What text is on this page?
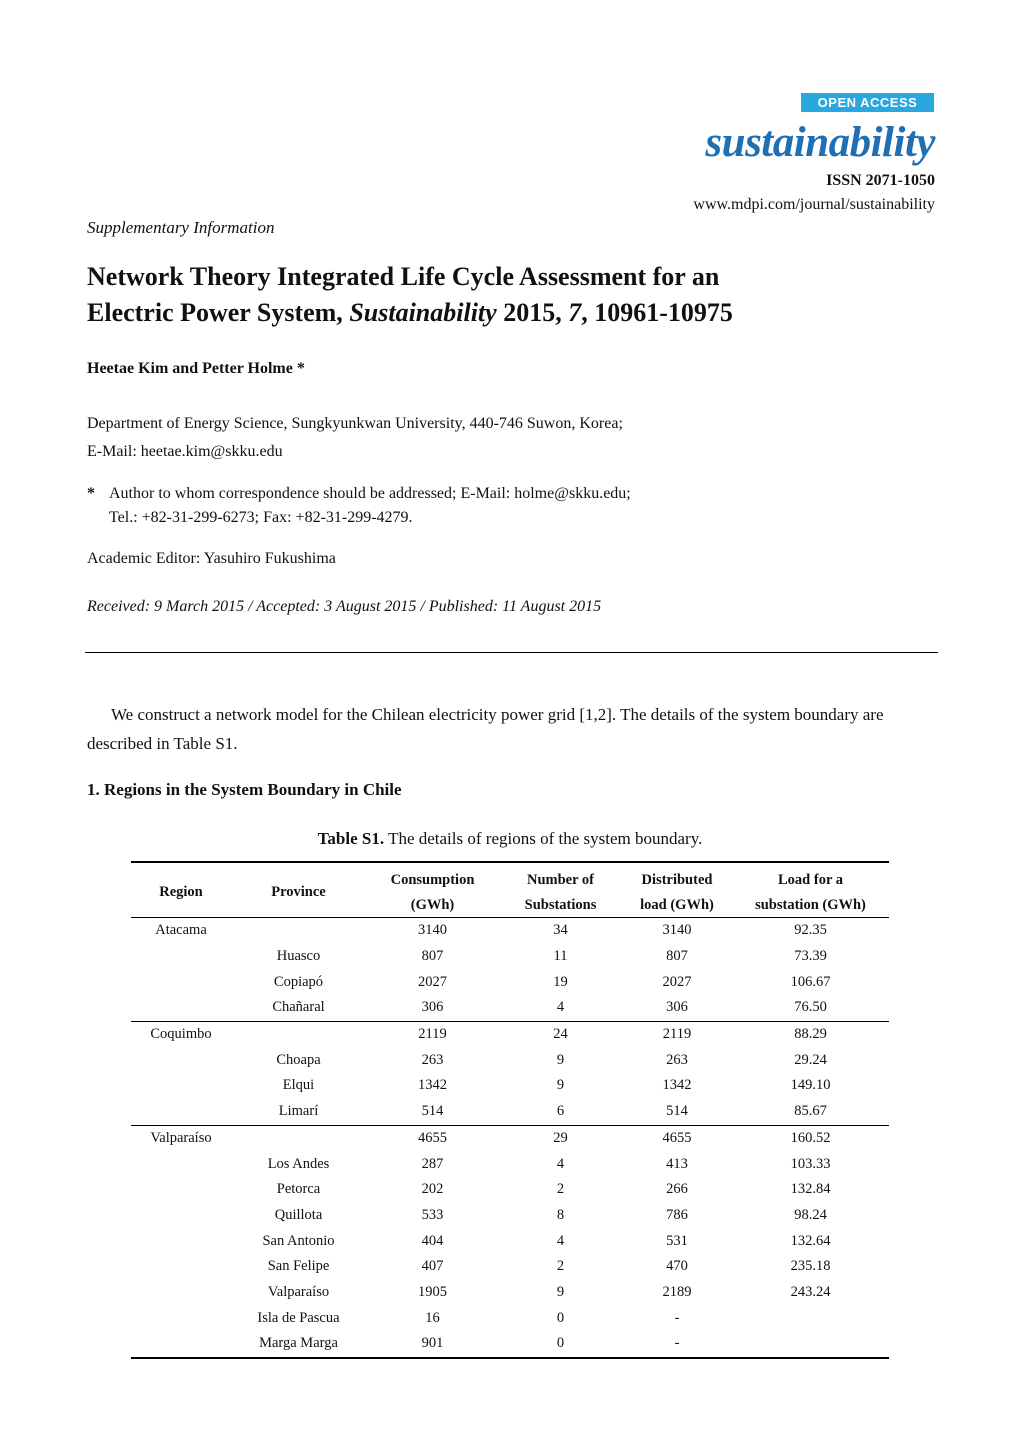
OPEN ACCESS
sustainability
ISSN 2071-1050
www.mdpi.com/journal/sustainability
Supplementary Information
Network Theory Integrated Life Cycle Assessment for an
Electric Power System, Sustainability 2015, 7, 10961-10975
Heetae Kim and Petter Holme *
Department of Energy Science, Sungkyunkwan University, 440-746 Suwon, Korea;
E-Mail: heetae.kim@skku.edu
* Author to whom correspondence should be addressed; E-Mail: holme@skku.edu;
Tel.: +82-31-299-6273; Fax: +82-31-299-4279.
Academic Editor: Yasuhiro Fukushima
Received: 9 March 2015 / Accepted: 3 August 2015 / Published: 11 August 2015
We construct a network model for the Chilean electricity power grid [1,2]. The details of the system boundary are described in Table S1.
1. Regions in the System Boundary in Chile
Table S1. The details of regions of the system boundary.
Region	Province	Consumption	Number of	Distributed	Load for a
		(GWh)	Substations	load (GWh)	substation (GWh)
Atacama		3140	34	3140	92.35
	Huasco	807	11	807	73.39
	Copiapó	2027	19	2027	106.67
	Chañaral	306	4	306	76.50
Coquimbo		2119	24	2119	88.29
	Choapa	263	9	263	29.24
	Elqui	1342	9	1342	149.10
	Limarí	514	6	514	85.67
Valparaíso		4655	29	4655	160.52
	Los Andes	287	4	413	103.33
	Petorca	202	2	266	132.84
	Quillota	533	8	786	98.24
	San Antonio	404	4	531	132.64
	San Felipe	407	2	470	235.18
	Valparaíso	1905	9	2189	243.24
	Isla de Pascua	16	0	-	
	Marga Marga	901	0	-	
